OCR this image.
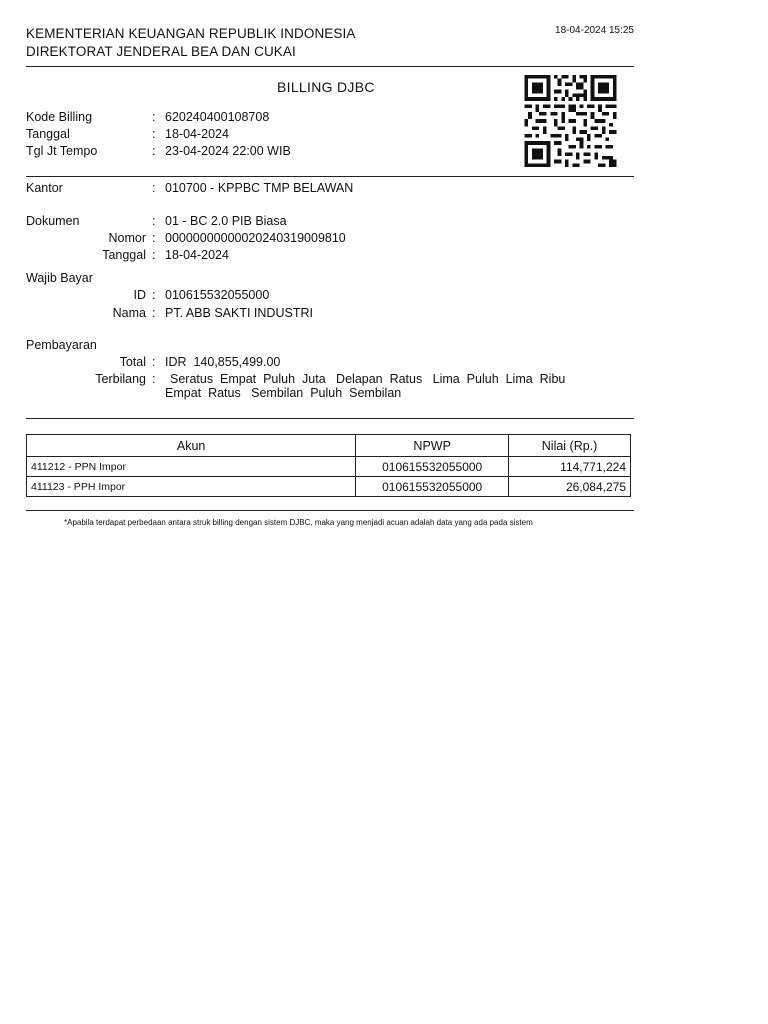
KEMENTERIAN KEUANGAN REPUBLIK INDONESIA
DIREKTORAT JENDERAL BEA DAN CUKAI
18-04-2024 15:25
BILLING DJBC
Kode Billing	: 620240400108708
Tanggal	: 18-04-2024
Tgl Jt Tempo	: 23-04-2024 22:00 WIB
Kantor	: 010700 - KPPBC TMP BELAWAN
Dokumen	: 01 - BC 2.0 PIB Biasa
Nomor : 00000000000020240319009810
Tanggal : 18-04-2024
Wajib Bayar
ID : 010615532055000
Nama : PT. ABB SAKTI INDUSTRI
Pembayaran
Total : IDR  140,855,499.00
Terbilang : Seratus  Empat  Puluh  Juta   Delapan  Ratus   Lima  Puluh  Lima  Ribu
Empat  Ratus   Sembilan  Puluh  Sembilan
Akun	NPWP	Nilai (Rp.)
411212 - PPN Impor	010615532055000	114,771,224
411123 - PPH Impor	010615532055000	26,084,275
*Apabila terdapat perbedaan antara struk billing dengan sistem DJBC, maka yang menjadi acuan adalah data yang ada pada sistem
